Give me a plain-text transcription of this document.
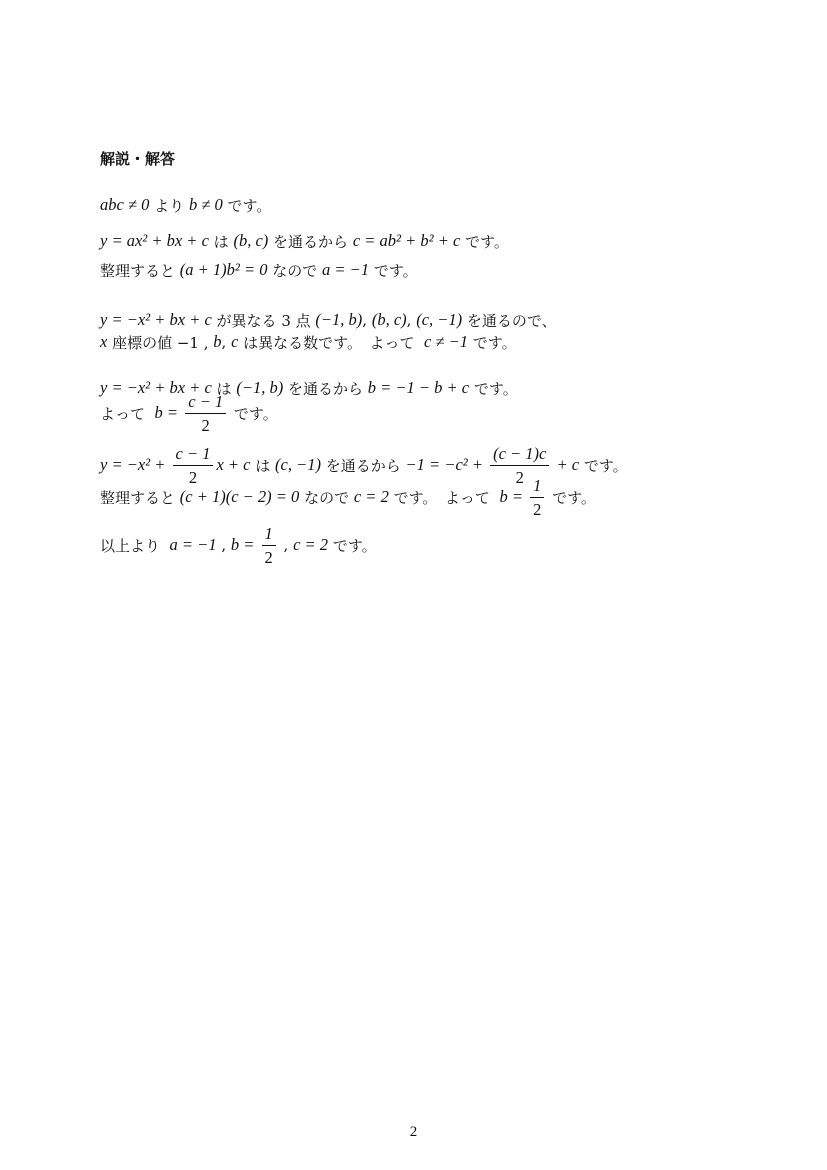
解説・解答
abc ≠ 0 より b ≠ 0 です。
y = ax² + bx + c は (b, c) を通るから c = ab² + b² + c です。
整理すると (a + 1)b² = 0 なので a = −1 です。
y = −x² + bx + c が異なる 3 点 (−1, b) , (b, c) , (c, −1) を通るので、
x 座標の値 −1 , b , c は異なる数です。　よって c ≠ −1 です。
y = −x² + bx + c は (−1, b) を通るから b = −1 − b + c です。
よって $b = \frac{c - 1}{2}$ です。
$y = -x^2 + \frac{c - 1}{2}$ x + c は (c, −1) を通るから $-1 = -c^2 + \frac{(c - 1)c}{2} + c$ です。
整理すると (c + 1)(c − 2) = 0 なので c = 2 です。　よって $b = \frac{1}{2}$ です。
以上より a = −1 , $b = \frac{1}{2}$ , c = 2 です。
2
